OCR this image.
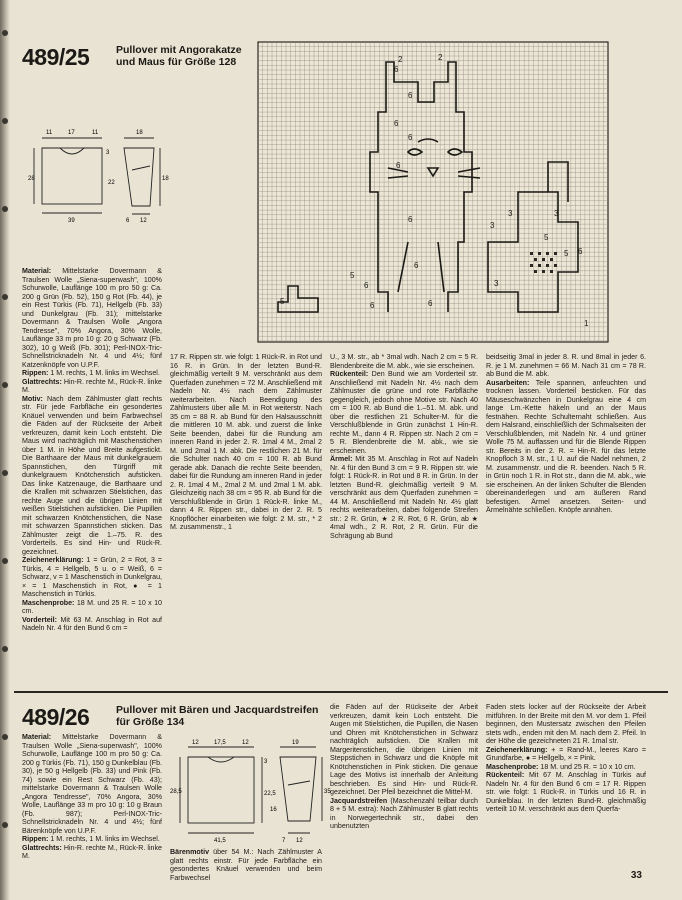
489/25	Pullover mit Angorakatze und Maus für Größe 128
11	17	11
3
18
28
22
39
18
6 12

Material: Mittelstarke Dovermann & Traulsen Wolle „Siena-superwash", 100% Schurwolle, Lauflänge 100 m pro 50 g: Ca. 200 g Grün (Fb. 52), 150 g Rot (Fb. 44), je ein Rest Türkis (Fb. 71), Hellgelb (Fb. 33) und Dunkelgrau (Fb. 31); mittelstarke Dovermann & Traulsen Wolle „Angora Tendresse", 70% Angora, 30% Wolle, Lauflänge 33 m pro 10 g: 20 g Schwarz (Fb. 302), 10 g Weiß (Fb. 301); Perl-INOX-Tric-Schnellstricknadeln Nr. 4 und 4½; fünf Katzenknöpfe von U.P.F.

Rippen: 1 M. rechts, 1 M. links im Wechsel.

Glattrechts: Hin-R. rechte M., Rück-R. linke M.

Motiv: Nach dem Zählmuster glatt rechts str. Für jede Farbfläche ein gesondertes Knäuel verwenden und beim Farbwechsel die Fäden auf der Rückseite der Arbeit verkreuzen, damit kein Loch entsteht. Die Maus wird nachträglich mit Maschenstichen über 1 M. in Höhe und Breite aufgestickt. Die Barthaare der Maus mit dunkelgrauem Spannstichen, den Türgriff mit dunkelgrauem Knötchenstich aufsticken. Das linke Katzenauge, die Barthaare und die Krallen mit schwarzen Stielstichen, das rechte Auge und die übrigen Linien mit weißen Stielstichen aufsticken. Die Pupillen mit schwarzen Knötchenstichen, die Nase mit schwarzen Spannstichen sticken. Das Zählmuster zeigt die 1.–75. R. des Vorderteils. Es sind Hin- und Rück-R. gezeichnet.

Zeichenerklärung: 1 = Grün, 2 = Rot, 3 = Türkis, 4 = Hellgelb, 5 u. o = Weiß, 6 = Schwarz, v = 1 Maschenstich in Dunkelgrau, × = 1 Maschenstich in Rot, ● = 1 Maschenstich in Türkis.

Maschenprobe: 18 M. und 25 R. = 10 x 10 cm.

Vorderteil: Mit 63 M. Anschlag in Rot auf Nadeln Nr. 4 für den Bund 6 cm =

17 R. Rippen str. wie folgt: 1 Rück-R. in Rot und 16 R. in Grün. In der letzten Bund-R. gleichmäßig verteilt 9 M. verschränkt aus dem Querfaden zunehmen = 72 M. Anschließend mit Nadeln Nr. 4½ nach dem Zählmuster weiterarbeiten. Nach Beendigung des Zählmusters über alle M. in Rot weiterstr. Nach 35 cm = 88 R. ab Bund für den Halsausschnitt die mittleren 10 M. abk. und zuerst die linke Seite beenden, dabei für die Rundung am inneren Rand in jeder 2. R. 1mal 4 M., 2mal 2 M. und 2mal 1 M. abk. Die restlichen 21 M. für die Schulter nach 40 cm = 100 R. ab Bund gerade abk. Danach die rechte Seite beenden, dabei für die Rundung am inneren Rand in jeder 2. R. 1mal 4 M., 2mal 2 M. und 2mal 1 M. abk. Gleichzeitig nach 38 cm = 95 R. ab Bund für die Verschlußblende in Grün 1 Rück-R. linke M., dann 4 R. Rippen str., dabei in der 2. R. 5 Knopflöcher einarbeiten wie folgt: 2 M. str., * 2 M. zusammenstr., 1

U., 3 M. str., ab * 3mal wdh. Nach 2 cm = 5 R. Blendenbreite die M. abk., wie sie erscheinen.

Rückenteil: Den Bund wie am Vorderteil str. Anschließend mit Nadeln Nr. 4½ nach dem Zählmuster die grüne und rote Farbfläche gegengleich, jedoch ohne Motive str. Nach 40 cm = 100 R. ab Bund die 1.–51. M. abk. und über die restlichen 21 Schulter-M. für die Verschlußblende in Grün zunächst 1 Hin-R. rechte M., dann 4 R. Rippen str. Nach 2 cm = 5 R. Blendenbreite die M. abk., wie sie erscheinen.

Ärmel: Mit 35 M. Anschlag in Rot auf Nadeln Nr. 4 für den Bund 3 cm = 9 R. Rippen str. wie folgt: 1 Rück-R. in Rot und 8 R. in Grün. In der letzten Bund-R. gleichmäßig verteilt 9 M. verschränkt aus dem Querfaden zunehmen = 44 M. Anschließend mit Nadeln Nr. 4½ glatt rechts weiterarbeiten, dabei folgende Streifen str.: 2 R. Grün, ★ 2 R. Rot, 6 R. Grün, ab ★ 4mal wdh., 2 R. Rot, 2 R. Grün. Für die Schrägung ab Bund

beidseitig 3mal in jeder 8. R. und 8mal in jeder 6. R. je 1 M. zunehmen = 66 M. Nach 31 cm = 78 R. ab Bund die M. abk.

Ausarbeiten: Teile spannen, anfeuchten und trocknen lassen. Vorderteil besticken. Für das Mäuseschwänzchen in Dunkelgrau eine 4 cm lange Lm.-Kette häkeln und an der Maus festnähen. Rechte Schulternaht schließen. Aus dem Halsrand, einschließlich der Schmalseiten der Verschlußblenden, mit Nadeln Nr. 4 und grüner Wolle 75 M. auffassen und für die Blende Rippen str. Bereits in der 2. R. = Hin-R. für das letzte Knopfloch 3 M. str., 1 U. auf die Nadel nehmen, 2 M. zusammenstr. und die R. beenden. Nach 5 R. in Grün noch 1 R. in Rot str., dann die M. abk., wie sie erscheinen. An der linken Schulter die Blenden übereinanderlegen und am äußeren Rand befestigen. Ärmel ansetzen. Seiten- und Ärmelnähte schließen. Knöpfe annähen.

2
6
6
6
6
6
6
6
3
3	3
3
5
5
5
5
6
6	6
1
2
6
489/26	Pullover mit Bären und Jacquardstreifen für Größe 134
12	17,5	12
3
19
28,5	22,5
41,5
16
35
7 12

Material: Mittelstarke Dovermann & Traulsen Wolle „Siena-superwash", 100% Schurwolle, Lauflänge 100 m pro 50 g: Ca. 200 g Türkis (Fb. 71), 150 g Dunkelblau (Fb. 30), je 50 g Hellgelb (Fb. 33) und Pink (Fb. 74) sowie ein Rest Schwarz (Fb. 43); mittelstarke Dovermann & Traulsen Wolle „Angora Tendresse", 70% Angora, 30% Wolle, Lauflänge 33 m pro 10 g: 10 g Braun (Fb. 987); Perl-INOX-Tric-Schnellstricknadeln Nr. 4 und 4½; fünf Bärenknöpfe von U.P.F.

Rippen: 1 M. rechts, 1 M. links im Wechsel.

Glattrechts: Hin-R. rechte M., Rück-R. linke M.	Bärenmotiv über 54 M.: Nach Zählmuster A glatt rechts einstr. Für jede Farbfläche ein gesondertes Knäuel verwenden und beim Farbwechsel

die Fäden auf der Rückseite der Arbeit verkreuzen, damit kein Loch entsteht. Die Augen mit Stielstichen, die Pupillen, die Nasen und Ohren mit Knötchenstichen in Schwarz nachträglich aufsticken. Die Krallen mit Margeritenstichen, die übrigen Linien mit Steppstichen in Schwarz und die Knöpfe mit Knötchenstichen in Pink sticken. Die genaue Lage des Motivs ist innerhalb der Anleitung beschrieben. Es sind Hin- und Rück-R. gezeichnet. Der Pfeil bezeichnet die Mittel-M.

Jacquardstreifen (Maschenzahl teilbar durch 8 + 5 M. extra): Nach Zählmuster B glatt rechts in Norwegertechnik str., dabei den unbenutzten

Faden stets locker auf der Rückseite der Arbeit mitführen. In der Breite mit den M. vor dem 1. Pfeil beginnen, den Mustersatz zwischen den Pfeilen stets wdh., enden mit den M. nach dem 2. Pfeil. In der Höhe die gezeichneten 21 R. 1mal str.

Zeichenerklärung: + = Rand-M., leeres Karo = Grundfarbe, ● = Hellgelb, × = Pink.

Maschenprobe: 18 M. und 25 R. = 10 x 10 cm.

Rückenteil: Mit 67 M. Anschlag in Türkis auf Nadeln Nr. 4 für den Bund 6 cm = 17 R. Rippen str. wie folgt: 1 Rück-R. in Türkis und 16 R. in Dunkelblau. In der letzten Bund-R. gleichmäßig verteilt 10 M. verschränkt aus dem Querfa-

33
